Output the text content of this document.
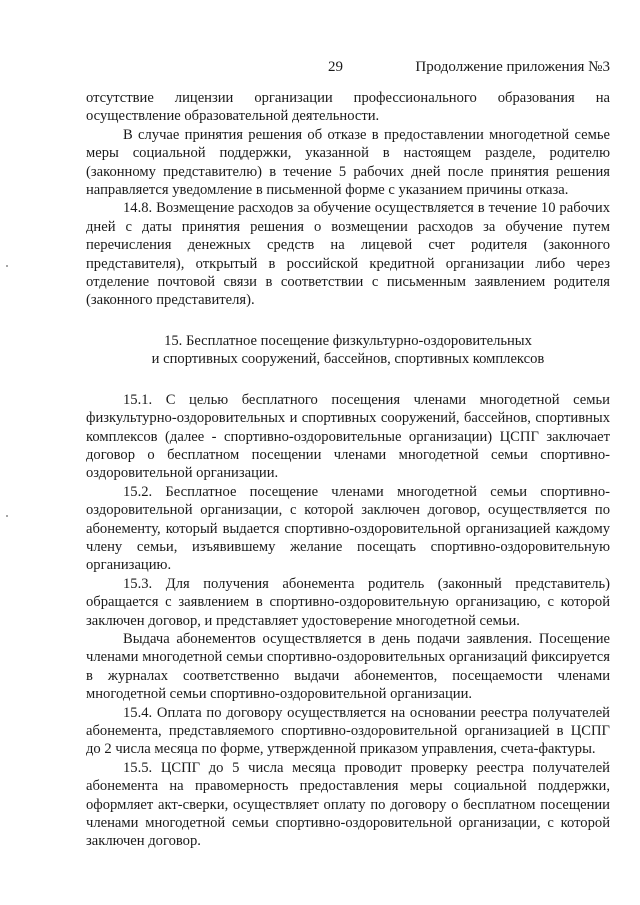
29	Продолжение приложения №3

отсутствие лицензии организации профессионального образования на осуществление образовательной деятельности.

В случае принятия решения об отказе в предоставлении многодетной семье меры социальной поддержки, указанной в настоящем разделе, родителю (законному представителю) в течение 5 рабочих дней после принятия решения направляется уведомление в письменной форме с указанием причины отказа.

14.8. Возмещение расходов за обучение осуществляется в течение 10 рабочих дней с даты принятия решения о возмещении расходов за обучение путем перечисления денежных средств на лицевой счет родителя (законного представителя), открытый в российской кредитной организации либо через отделение почтовой связи в соответствии с письменным заявлением родителя (законного представителя).

15. Бесплатное посещение физкультурно-оздоровительных
и спортивных сооружений, бассейнов, спортивных комплексов

15.1. С целью бесплатного посещения членами многодетной семьи физкультурно-оздоровительных и спортивных сооружений, бассейнов, спортивных комплексов (далее - спортивно-оздоровительные организации) ЦСПГ заключает договор о бесплатном посещении членами многодетной семьи спортивно-оздоровительной организации.

15.2. Бесплатное посещение членами многодетной семьи спортивно-оздоровительной организации, с которой заключен договор, осуществляется по абонементу, который выдается спортивно-оздоровительной организацией каждому члену семьи, изъявившему желание посещать спортивно-оздоровительную организацию.

15.3. Для получения абонемента родитель (законный представитель) обращается с заявлением в спортивно-оздоровительную организацию, с которой заключен договор, и представляет удостоверение многодетной семьи.

Выдача абонементов осуществляется в день подачи заявления. Посещение членами многодетной семьи спортивно-оздоровительных организаций фиксируется в журналах соответственно выдачи абонементов, посещаемости членами многодетной семьи спортивно-оздоровительной организации.

15.4. Оплата по договору осуществляется на основании реестра получателей абонемента, представляемого спортивно-оздоровительной организацией в ЦСПГ до 2 числа месяца по форме, утвержденной приказом управления, счета-фактуры.

15.5. ЦСПГ до 5 числа месяца проводит проверку реестра получателей абонемента на правомерность предоставления меры социальной поддержки, оформляет акт-сверки, осуществляет оплату по договору о бесплатном посещении членами многодетной семьи спортивно-оздоровительной организации, с которой заключен договор.
